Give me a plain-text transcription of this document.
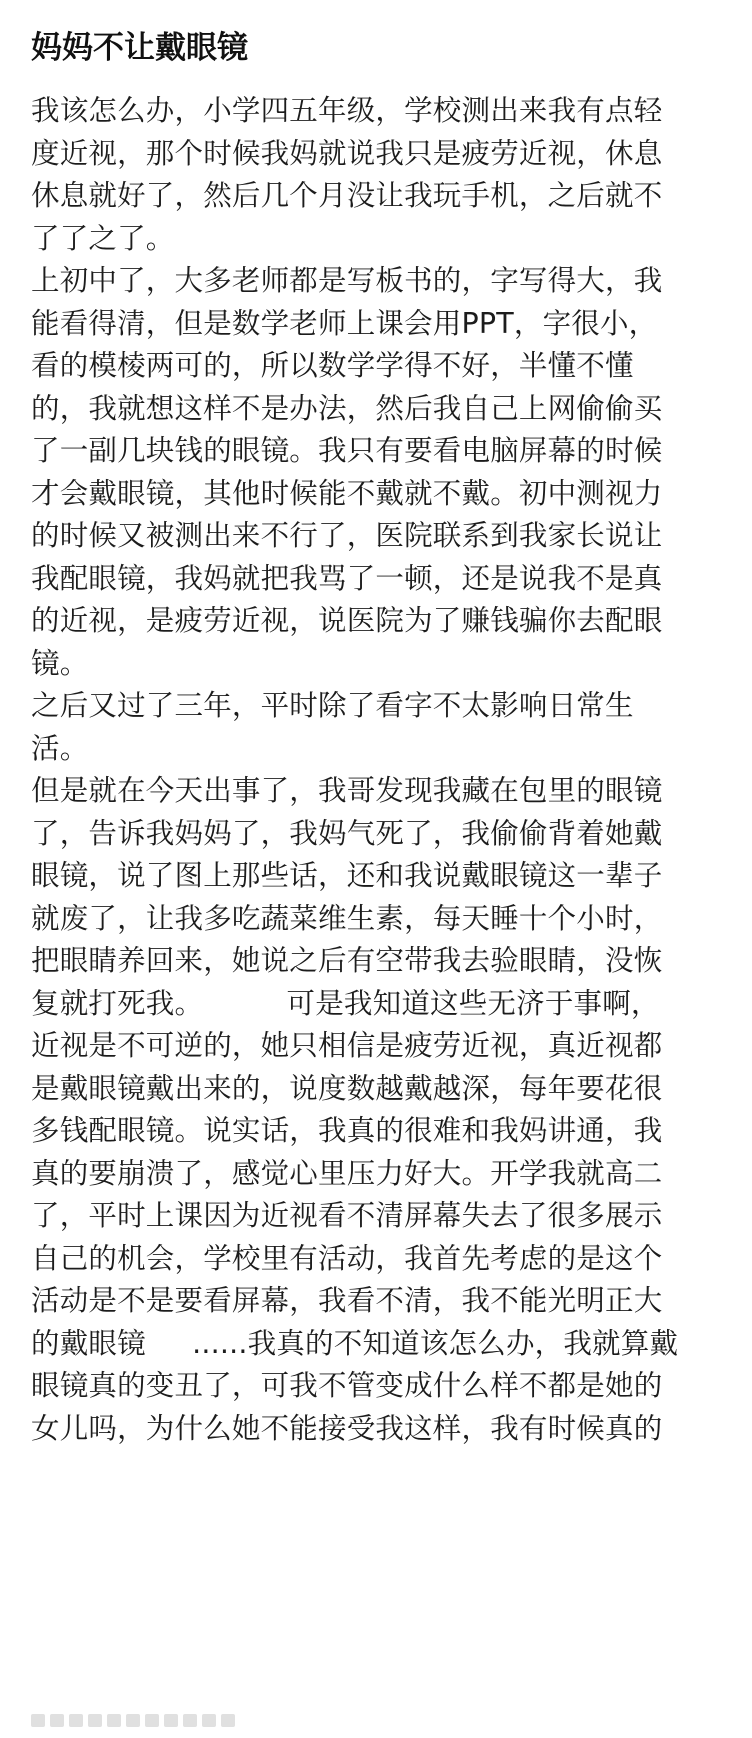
妈妈不让戴眼镜
我该怎么办，小学四五年级，学校测出来我有点轻
度近视，那个时候我妈就说我只是疲劳近视，休息
休息就好了，然后几个月没让我玩手机，之后就不
了了之了。
上初中了，大多老师都是写板书的，字写得大，我
能看得清，但是数学老师上课会用PPT，字很小，
看的模棱两可的，所以数学学得不好，半懂不懂
的，我就想这样不是办法，然后我自己上网偷偷买
了一副几块钱的眼镜。我只有要看电脑屏幕的时候
才会戴眼镜，其他时候能不戴就不戴。初中测视力
的时候又被测出来不行了，医院联系到我家长说让
我配眼镜，我妈就把我骂了一顿，还是说我不是真
的近视，是疲劳近视，说医院为了赚钱骗你去配眼
镜。
之后又过了三年，平时除了看字不太影响日常生
活。
但是就在今天出事了，我哥发现我藏在包里的眼镜
了，告诉我妈妈了，我妈气死了，我偷偷背着她戴
眼镜，说了图上那些话，还和我说戴眼镜这一辈子
就废了，让我多吃蔬菜维生素，每天睡十个小时，
把眼睛养回来，她说之后有空带我去验眼睛，没恢
复就打死我。         可是我知道这些无济于事啊，
近视是不可逆的，她只相信是疲劳近视，真近视都
是戴眼镜戴出来的，说度数越戴越深，每年要花很
多钱配眼镜。说实话，我真的很难和我妈讲通，我
真的要崩溃了，感觉心里压力好大。开学我就高二
了，平时上课因为近视看不清屏幕失去了很多展示
自己的机会，学校里有活动，我首先考虑的是这个
活动是不是要看屏幕，我看不清，我不能光明正大
的戴眼镜     ......我真的不知道该怎么办，我就算戴
眼镜真的变丑了，可我不管变成什么样不都是她的
女儿吗，为什么她不能接受我这样，我有时候真的
